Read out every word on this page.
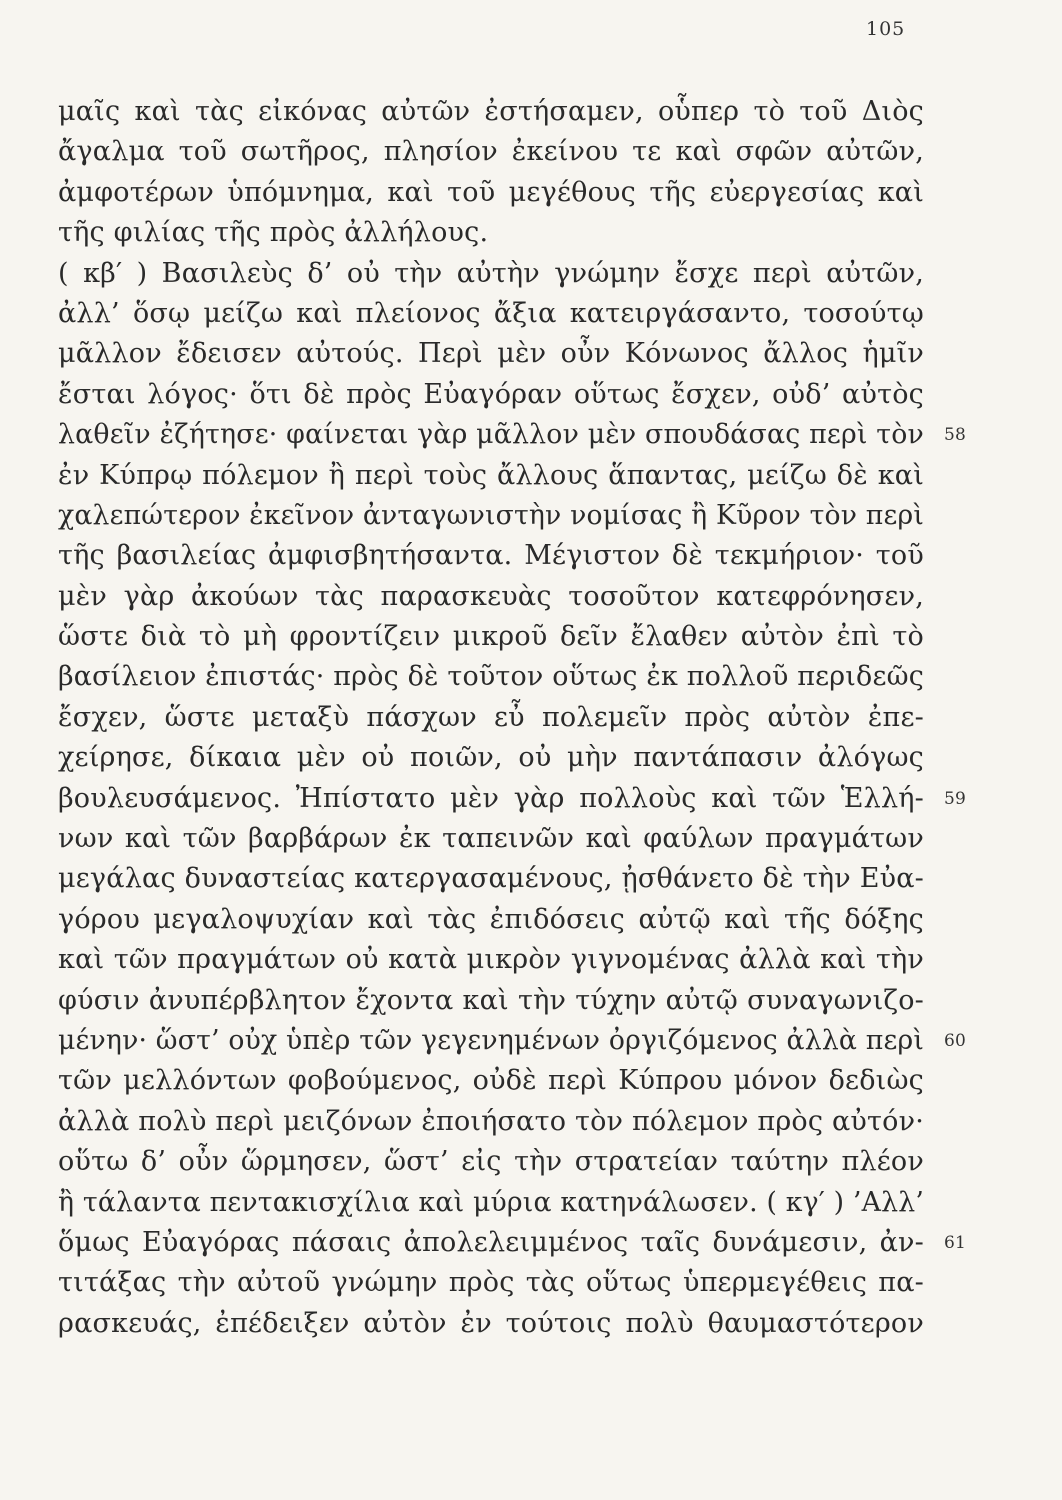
105
μαῖς καὶ τὰς εἰκόνας αὐτῶν ἐστήσαμεν, οὗπερ τὸ τοῦ Διὸς
ἄγαλμα τοῦ σωτῆρος, πλησίον ἐκείνου τε καὶ σφῶν αὐτῶν,
ἀμφοτέρων ὑπόμνημα, καὶ τοῦ μεγέθους τῆς εὐεργεσίας καὶ
τῆς φιλίας τῆς πρὸς ἀλλήλους.
( κβ′ ) Βασιλεὺς δ’ οὐ τὴν αὐτὴν γνώμην ἔσχε περὶ αὐτῶν,
ἀλλ’ ὅσῳ μείζω καὶ πλείονος ἄξια κατειργάσαντο, τοσούτῳ
μᾶλλον ἔδεισεν αὐτούς. Περὶ μὲν οὖν Κόνωνος ἄλλος ἡμῖν
ἔσται λόγος· ὅτι δὲ πρὸς Εὐαγόραν οὕτως ἔσχεν, οὐδ’ αὐτὸς
λαθεῖν ἐζήτησε· φαίνεται γὰρ μᾶλλον μὲν σπουδάσας περὶ τὸν 58
ἐν Κύπρῳ πόλεμον ἢ περὶ τοὺς ἄλλους ἅπαντας, μείζω δὲ καὶ
χαλεπώτερον ἐκεῖνον ἀνταγωνιστὴν νομίσας ἢ Κῦρον τὸν περὶ
τῆς βασιλείας ἀμφισβητήσαντα. Μέγιστον δὲ τεκμήριον· τοῦ
μὲν γὰρ ἀκούων τὰς παρασκευὰς τοσοῦτον κατεφρόνησεν,
ὥστε διὰ τὸ μὴ φροντίζειν μικροῦ δεῖν ἔλαθεν αὐτὸν ἐπὶ τὸ
βασίλειον ἐπιστάς· πρὸς δὲ τοῦτον οὕτως ἐκ πολλοῦ περιδεῶς
ἔσχεν, ὥστε μεταξὺ πάσχων εὖ πολεμεῖν πρὸς αὐτὸν ἐπε-
χείρησε, δίκαια μὲν οὐ ποιῶν, οὐ μὴν παντάπασιν ἀλόγως
βουλευσάμενος. Ἠπίστατο μὲν γὰρ πολλοὺς καὶ τῶν Ἑλλή- 59
νων καὶ τῶν βαρβάρων ἐκ ταπεινῶν καὶ φαύλων πραγμάτων
μεγάλας δυναστείας κατεργασαμένους, ᾐσθάνετο δὲ τὴν Εὐα-
γόρου μεγαλοψυχίαν καὶ τὰς ἐπιδόσεις αὐτῷ καὶ τῆς δόξης
καὶ τῶν πραγμάτων οὐ κατὰ μικρὸν γιγνομένας ἀλλὰ καὶ τὴν
φύσιν ἀνυπέρβλητον ἔχοντα καὶ τὴν τύχην αὐτῷ συναγωνιζο-
μένην· ὥστ’ οὐχ ὑπὲρ τῶν γεγενημένων ὀργιζόμενος ἀλλὰ περὶ 60
τῶν μελλόντων φοβούμενος, οὐδὲ περὶ Κύπρου μόνον δεδιὼς
ἀλλὰ πολὺ περὶ μειζόνων ἐποιήσατο τὸν πόλεμον πρὸς αὐτόν·
οὕτω δ’ οὖν ὥρμησεν, ὥστ’ εἰς τὴν στρατείαν ταύτην πλέον
ἢ τάλαντα πεντακισχίλια καὶ μύρια κατηνάλωσεν. ( κγ′ ) ’Αλλ’
ὅμως Εὐαγόρας πάσαις ἀπολελειμμένος ταῖς δυνάμεσιν, ἀν- 61
τιτάξας τὴν αὐτοῦ γνώμην πρὸς τὰς οὕτως ὑπερμεγέθεις πα-
ρασκευάς, ἐπέδειξεν αὐτὸν ἐν τούτοις πολὺ θαυμαστότερον
